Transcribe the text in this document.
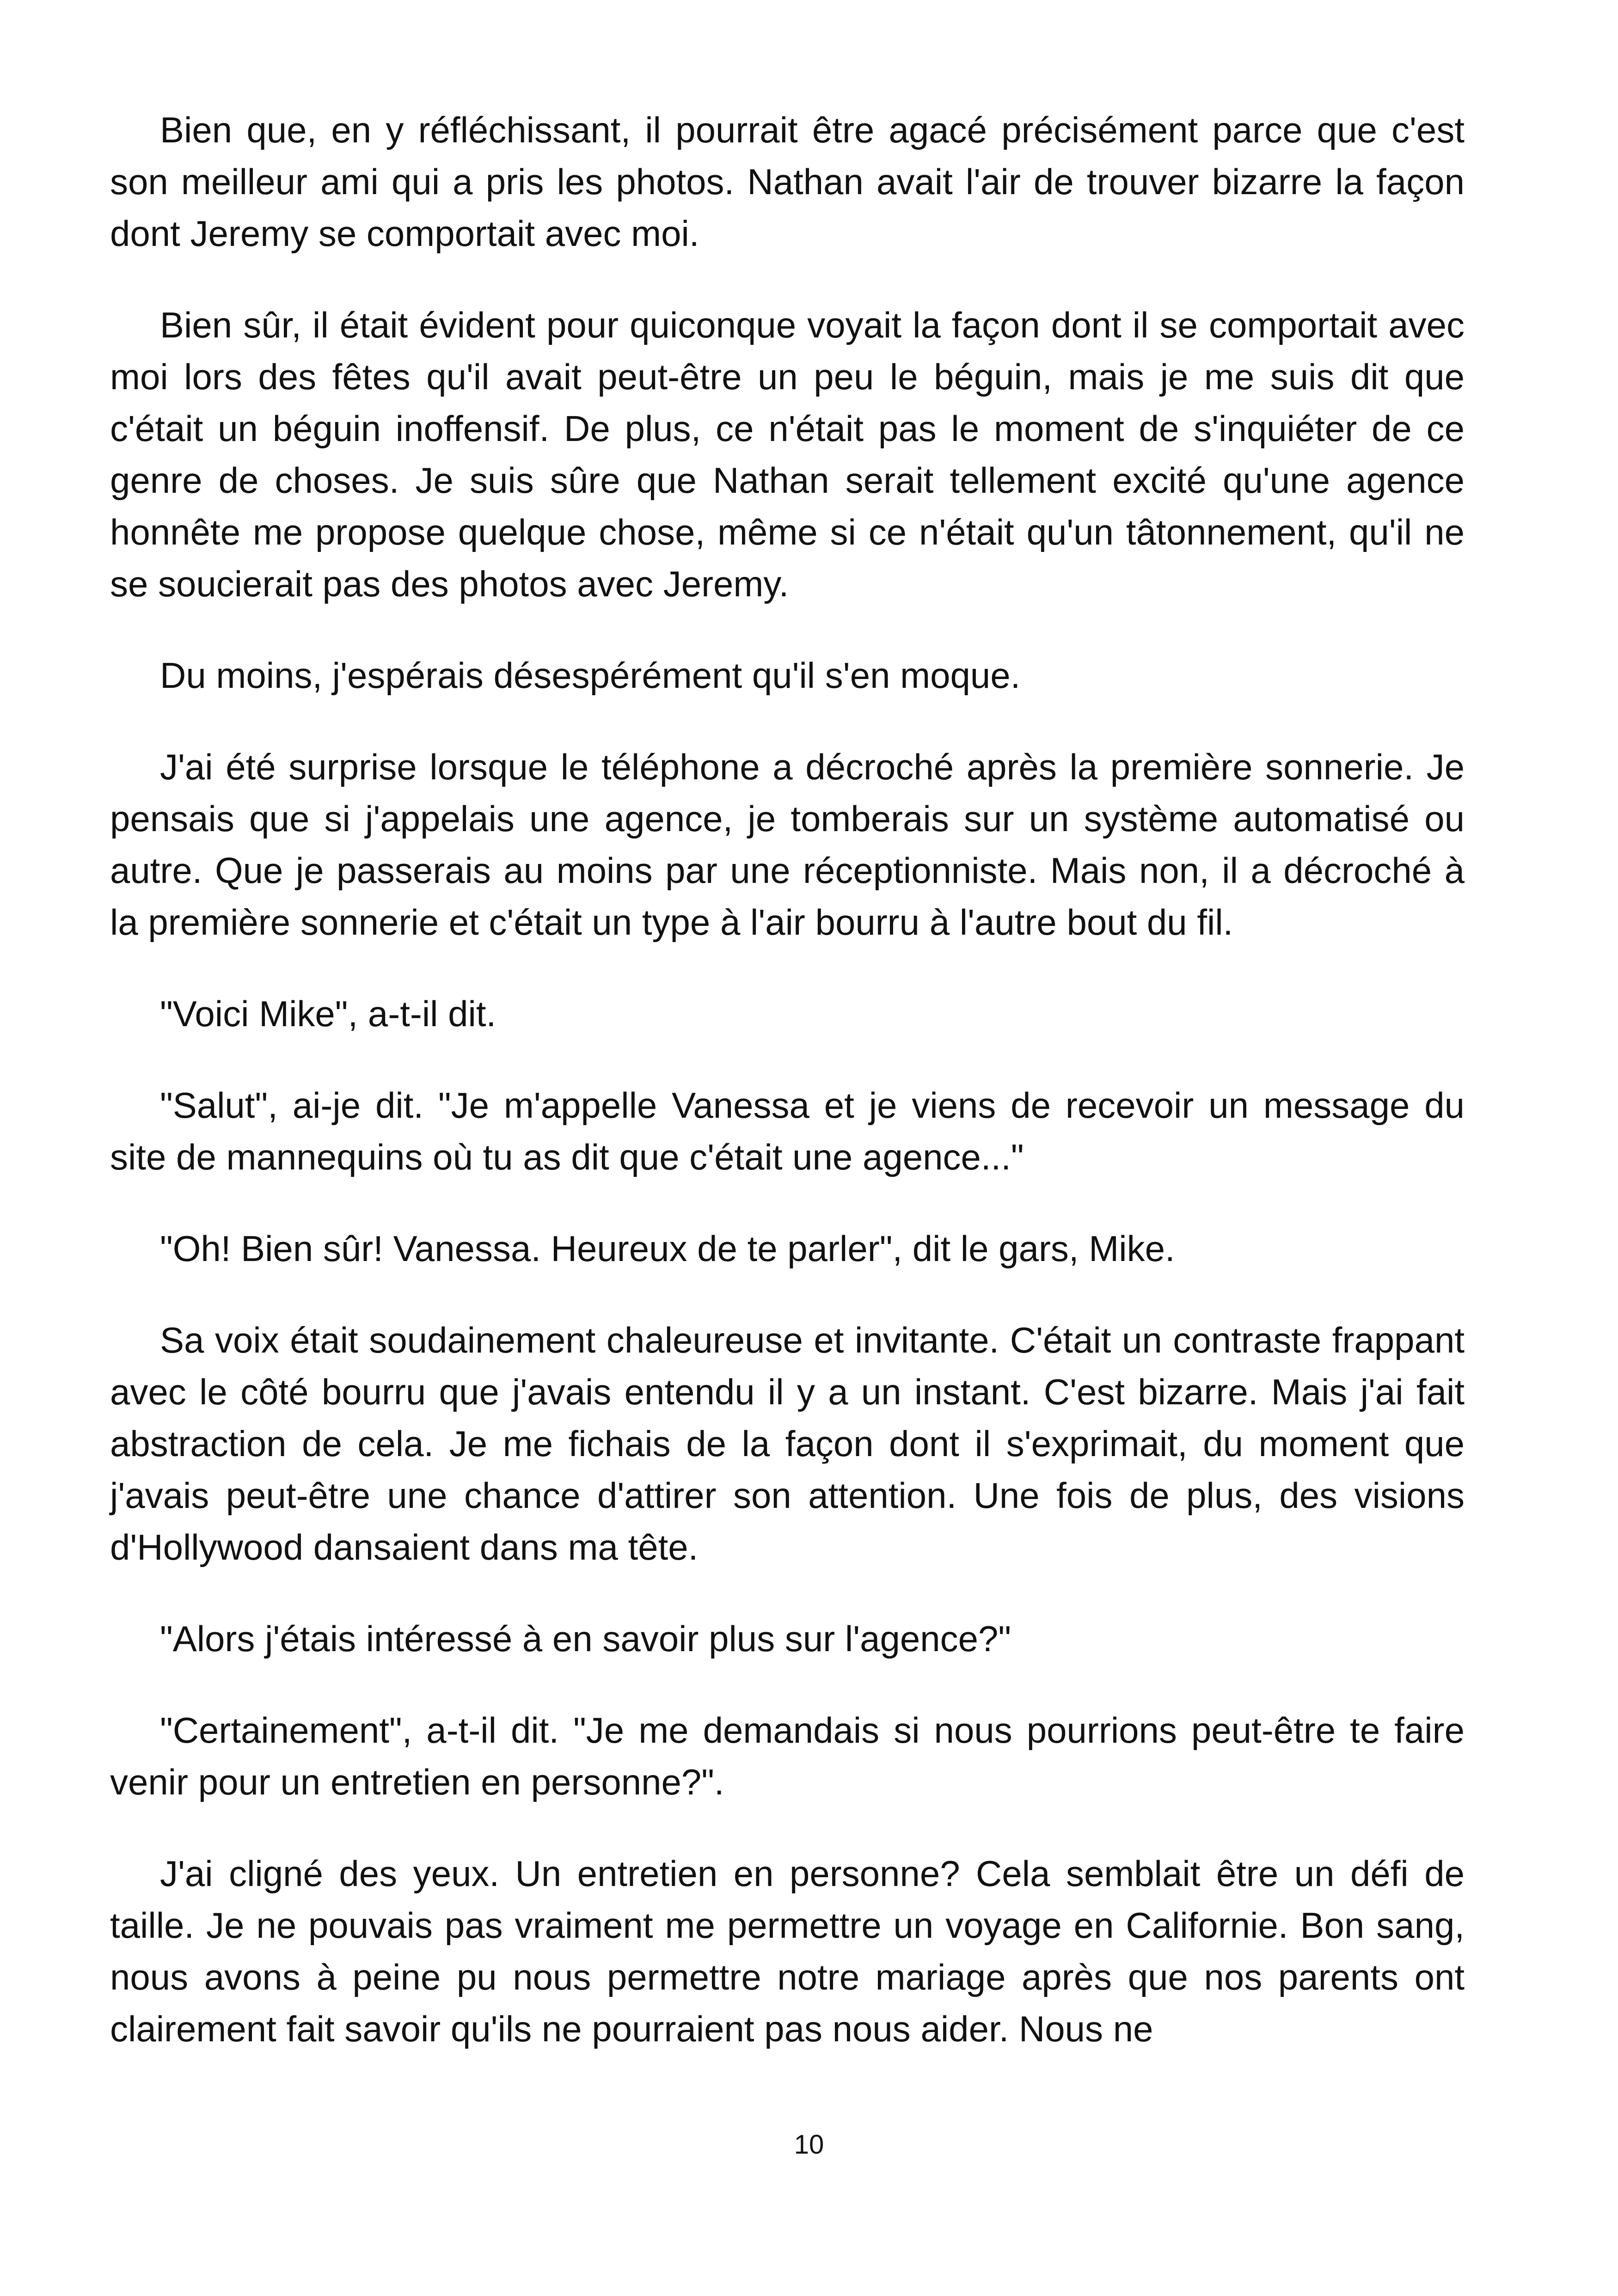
Bien que, en y réfléchissant, il pourrait être agacé précisément parce que c'est son meilleur ami qui a pris les photos. Nathan avait l'air de trouver bizarre la façon dont Jeremy se comportait avec moi.

Bien sûr, il était évident pour quiconque voyait la façon dont il se comportait avec moi lors des fêtes qu'il avait peut-être un peu le béguin, mais je me suis dit que c'était un béguin inoffensif. De plus, ce n'était pas le moment de s'inquiéter de ce genre de choses. Je suis sûre que Nathan serait tellement excité qu'une agence honnête me propose quelque chose, même si ce n'était qu'un tâtonnement, qu'il ne se soucierait pas des photos avec Jeremy.

Du moins, j'espérais désespérément qu'il s'en moque.

J'ai été surprise lorsque le téléphone a décroché après la première sonnerie. Je pensais que si j'appelais une agence, je tomberais sur un système automatisé ou autre. Que je passerais au moins par une réceptionniste. Mais non, il a décroché à la première sonnerie et c'était un type à l'air bourru à l'autre bout du fil.

"Voici Mike", a-t-il dit.

"Salut", ai-je dit. "Je m'appelle Vanessa et je viens de recevoir un message du site de mannequins où tu as dit que c'était une agence..."

"Oh! Bien sûr! Vanessa. Heureux de te parler", dit le gars, Mike.

Sa voix était soudainement chaleureuse et invitante. C'était un contraste frappant avec le côté bourru que j'avais entendu il y a un instant. C'est bizarre. Mais j'ai fait abstraction de cela. Je me fichais de la façon dont il s'exprimait, du moment que j'avais peut-être une chance d'attirer son attention. Une fois de plus, des visions d'Hollywood dansaient dans ma tête.

"Alors j'étais intéressé à en savoir plus sur l'agence?"

"Certainement", a-t-il dit. "Je me demandais si nous pourrions peut-être te faire venir pour un entretien en personne?".

J'ai cligné des yeux. Un entretien en personne? Cela semblait être un défi de taille. Je ne pouvais pas vraiment me permettre un voyage en Californie. Bon sang, nous avons à peine pu nous permettre notre mariage après que nos parents ont clairement fait savoir qu'ils ne pourraient pas nous aider. Nous ne

10
